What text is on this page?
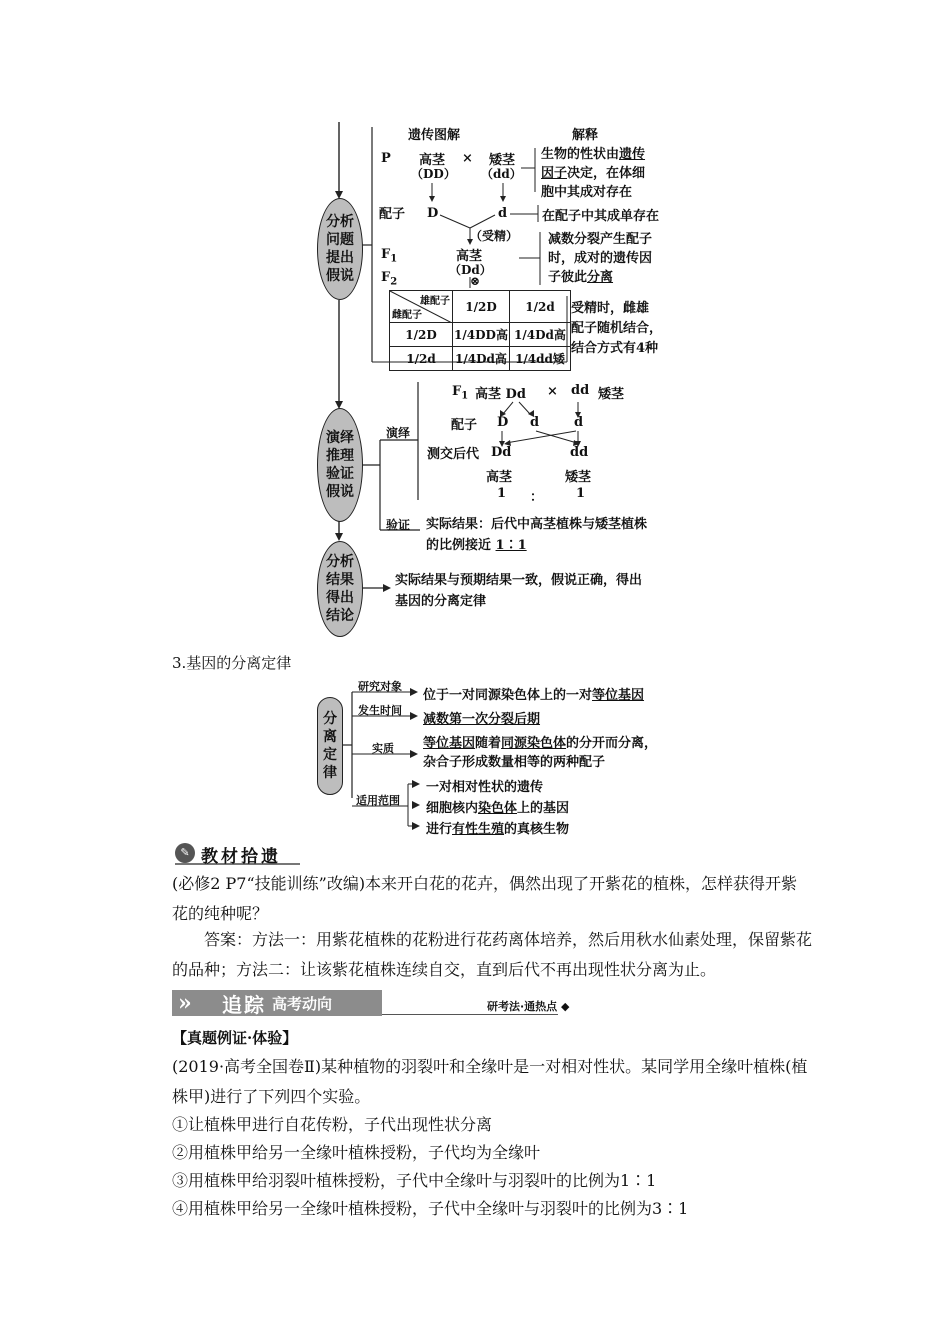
分析问题提出假说
演绎推理验证假说
分析结果得出结论
遗传图解	解释
P
配子
$F_1$
$F_2$
高茎
（DD）
× 矮茎
（dd）
D	d
（受精）
高茎
（Dd）
⊗
生物的性状由遗传
因子决定，在体细
胞中其成对存在
在配子中其成单存在
减数分裂产生配子
时，成对的遗传因
子彼此分离
受精时，雌雄
配子随机结合，
结合方式有4种
雄配子
雌配子	1/2D	1/2d
1/2D	1/4DD高	1/4Dd高
1/2d	1/4Dd高	1/4dd矮
演绎
$F_1$ 高茎 Dd × dd 矮茎
配子 D d	d
测交后代 Dd	dd
高茎	矮茎
1 ：	1
验证 实际结果：后代中高茎植株与矮茎植株
的比例接近 1∶1
实际结果与预期结果一致，假说正确，得出
基因的分离定律
3.基因的分离定律
分离定律
研究对象
位于一对同源染色体上的一对等位基因
发生时间
减数第一次分裂后期
实质 等位基因随着同源染色体的分开而分离，
杂合子形成数量相等的两种配子
适用范围
一对相对性状的遗传
细胞核内染色体上的基因
进行有性生殖的真核生物
✎ 教材拾遗
(必修2 P7“技能训练”改编)本来开白花的花卉，偶然出现了开紫花的植株，怎样获得开紫花的纯种呢？
答案：方法一：用紫花植株的花粉进行花药离体培养，然后用秋水仙素处理，保留紫花的品种；方法二：让该紫花植株连续自交，直到后代不再出现性状分离为止。
» 追踪 高考动向	研考法·通热点 ◆
【真题例证·体验】
(2019·高考全国卷Ⅱ)某种植物的羽裂叶和全缘叶是一对相对性状。某同学用全缘叶植株(植株甲)进行了下列四个实验。
①让植株甲进行自花传粉，子代出现性状分离
②用植株甲给另一全缘叶植株授粉，子代均为全缘叶
③用植株甲给羽裂叶植株授粉，子代中全缘叶与羽裂叶的比例为1∶1
④用植株甲给另一全缘叶植株授粉，子代中全缘叶与羽裂叶的比例为3∶1
